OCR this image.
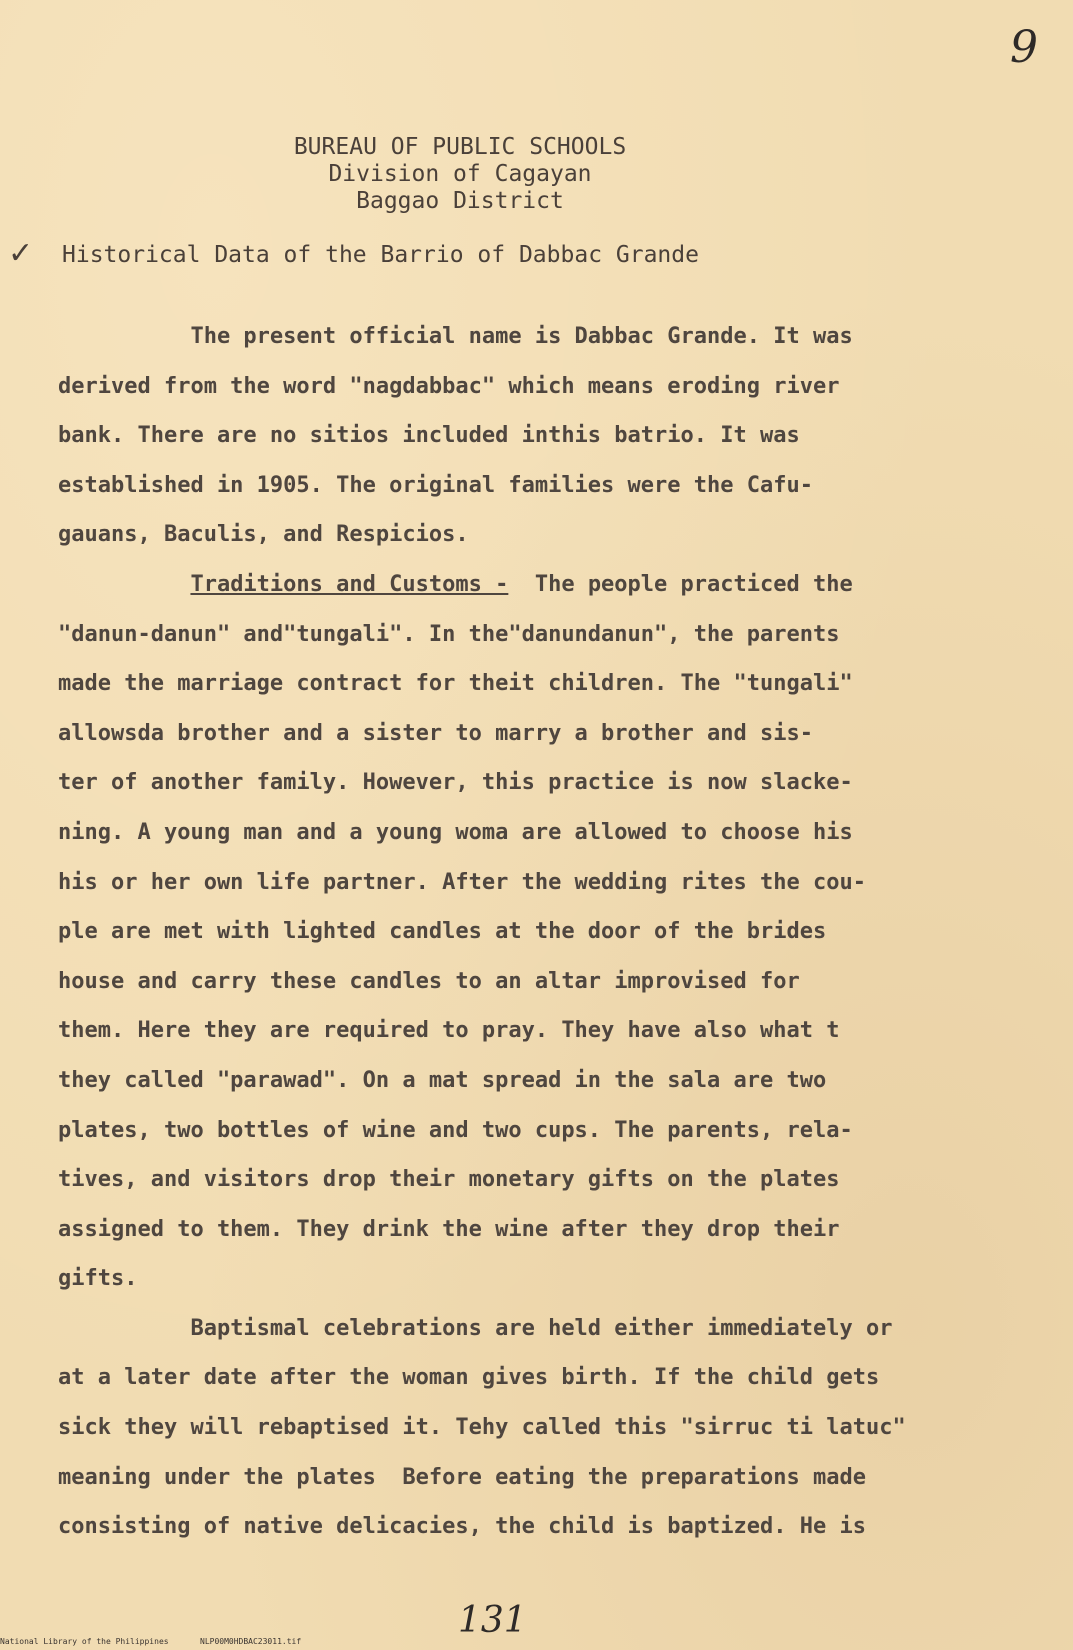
9
BUREAU OF PUBLIC SCHOOLS
Division of Cagayan
Baggao District
✓ Historical Data of the Barrio of Dabbac Grande
The present official name is Dabbac Grande. It was
derived from the word "nagdabbac" which means eroding river
bank. There are no sitios included inthis batrio. It was
established in 1905. The original families were the Cafu-
gauans, Baculis, and Respicios.
Traditions and Customs -  The people practiced the
"danun-danun" and"tungali". In the"danundanun", the parents
made the marriage contract for theit children. The "tungali"
allowsda brother and a sister to marry a brother and sis-
ter of another family. However, this practice is now slacke-
ning. A young man and a young woma are allowed to choose his
his or her own life partner. After the wedding rites the cou-
ple are met with lighted candles at the door of the brides
house and carry these candles to an altar improvised for
them. Here they are required to pray. They have also what t
they called "parawad". On a mat spread in the sala are two
plates, two bottles of wine and two cups. The parents, rela-
tives, and visitors drop their monetary gifts on the plates
assigned to them. They drink the wine after they drop their
gifts.
Baptismal celebrations are held either immediately or
at a later date after the woman gives birth. If the child gets
sick they will rebaptised it. Tehy called this "sirruc ti latuc"
meaning under the plates  Before eating the preparations made
consisting of native delicacies, the child is baptized. He is
131
National Library of the Philippines	NLP00M0HDBAC23011.tif
